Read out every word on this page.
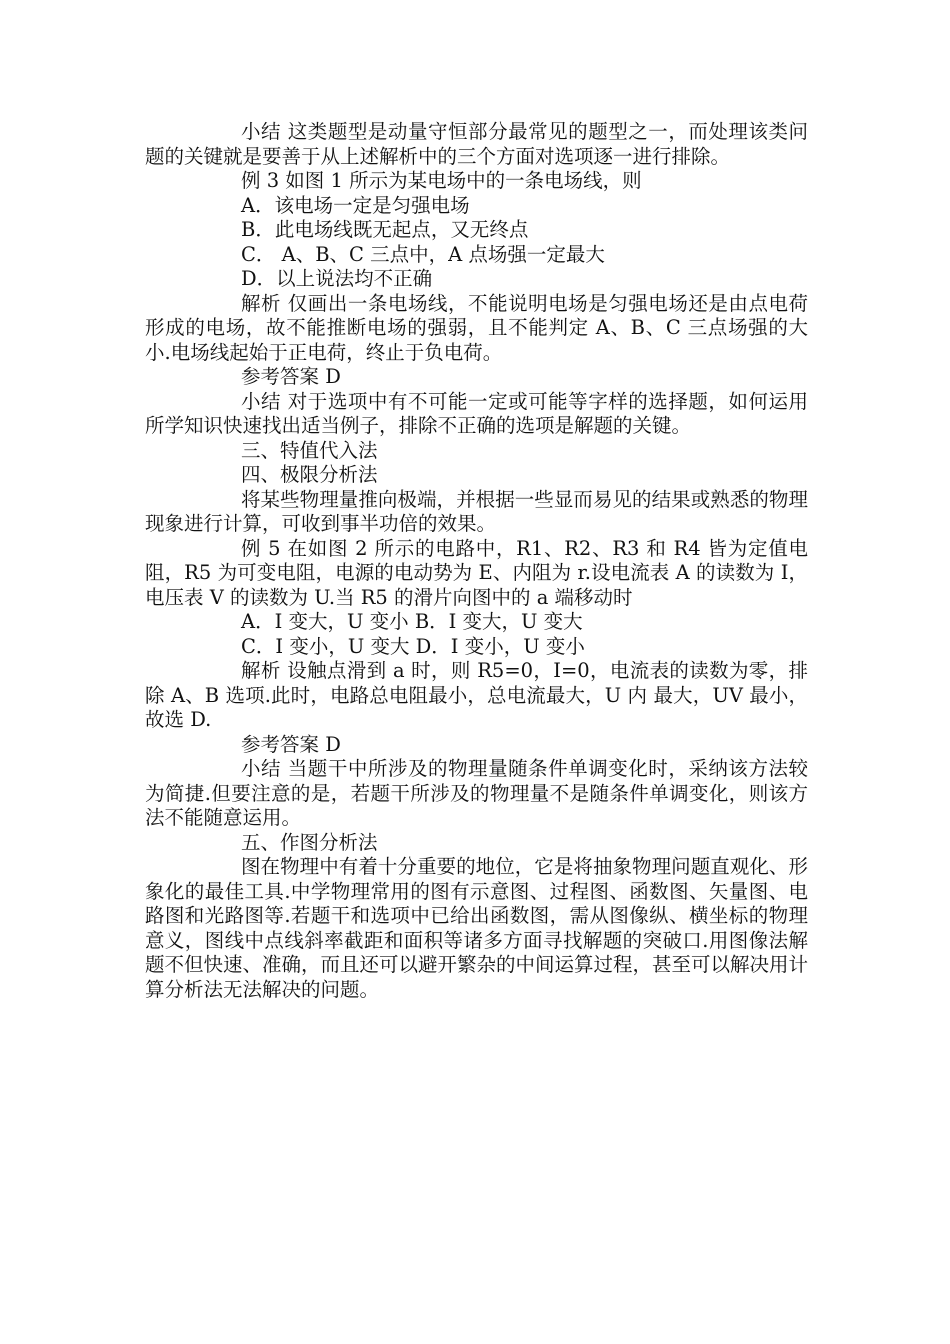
小结 这类题型是动量守恒部分最常见的题型之一，而处理该类问题的关键就是要善于从上述解析中的三个方面对选项逐一进行排除。

例 3 如图 1 所示为某电场中的一条电场线，则

A．该电场一定是匀强电场

B．此电场线既无起点，又无终点

C． A、B、C 三点中，A 点场强一定最大

D．以上说法均不正确

解析 仅画出一条电场线，不能说明电场是匀强电场还是由点电荷形成的电场，故不能推断电场的强弱，且不能判定 A、B、C 三点场强的大小.电场线起始于正电荷，终止于负电荷。

参考答案 D

小结 对于选项中有不可能一定或可能等字样的选择题，如何运用所学知识快速找出适当例子，排除不正确的选项是解题的关键。

三、特值代入法

四、极限分析法

将某些物理量推向极端，并根据一些显而易见的结果或熟悉的物理现象进行计算，可收到事半功倍的效果。

例 5 在如图 2 所示的电路中，R1、R2、R3 和 R4 皆为定值电阻，R5 为可变电阻，电源的电动势为 E、内阻为 r.设电流表 A 的读数为 I，电压表 V 的读数为 U.当 R5 的滑片向图中的 a 端移动时

A．I 变大，U 变小 B．I 变大，U 变大

C．I 变小，U 变大 D．I 变小，U 变小

解析 设触点滑到 a 时，则 R5=0，I=0，电流表的读数为零，排除 A、B 选项.此时，电路总电阻最小，总电流最大，U 内 最大，UV 最小，故选 D.

参考答案 D

小结 当题干中所涉及的物理量随条件单调变化时，采纳该方法较为简捷.但要注意的是，若题干所涉及的物理量不是随条件单调变化，则该方法不能随意运用。

五、作图分析法

图在物理中有着十分重要的地位，它是将抽象物理问题直观化、形象化的最佳工具.中学物理常用的图有示意图、过程图、函数图、矢量图、电路图和光路图等.若题干和选项中已给出函数图，需从图像纵、横坐标的物理意义，图线中点线斜率截距和面积等诸多方面寻找解题的突破口.用图像法解题不但快速、准确，而且还可以避开繁杂的中间运算过程，甚至可以解决用计算分析法无法解决的问题。
